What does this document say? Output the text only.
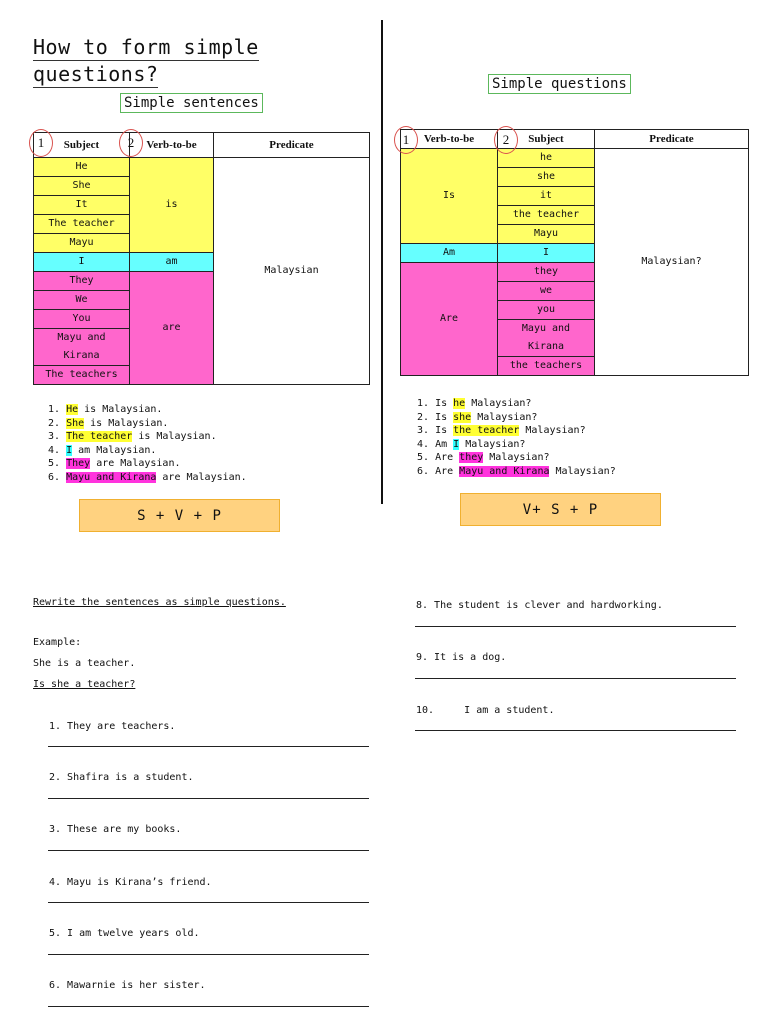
How to form simple
questions?
Simple sentences
Subject	Verb-to-be	Predicate
He	is	Malaysian
She		
It		
The teacher		
Mayu		
I	am	
They	are	
We		
You		
Mayu and		
Kirana		
The teachers		
1	2
1. He is Malaysian.
2. She is Malaysian.
3. The teacher is Malaysian.
4. I am Malaysian.
5. They are Malaysian.
6. Mayu and Kirana are Malaysian.
S + V + P
Simple questions
Verb-to-be	Subject	Predicate
Is	he	Malaysian?
	she	
	it	
	the teacher	
	Mayu	
Am	I	
Are	they	
	we	
	you	
	Mayu and	
	Kirana	
	the teachers	
1	2
1. Is he Malaysian?
2. Is she Malaysian?
3. Is the teacher Malaysian?
4. Am I Malaysian?
5. Are they Malaysian?
6. Are Mayu and Kirana Malaysian?
V+ S + P
Rewrite the sentences as simple questions.
Example:
She is a teacher.
Is she a teacher?
1. They are teachers.
2. Shafira is a student.
3. These are my books.
4. Mayu is Kirana’s friend.
5. I am twelve years old.
6. Mawarnie is her sister.
8. The student is clever and hardworking.
9. It is a dog.
10.     I am a student.
